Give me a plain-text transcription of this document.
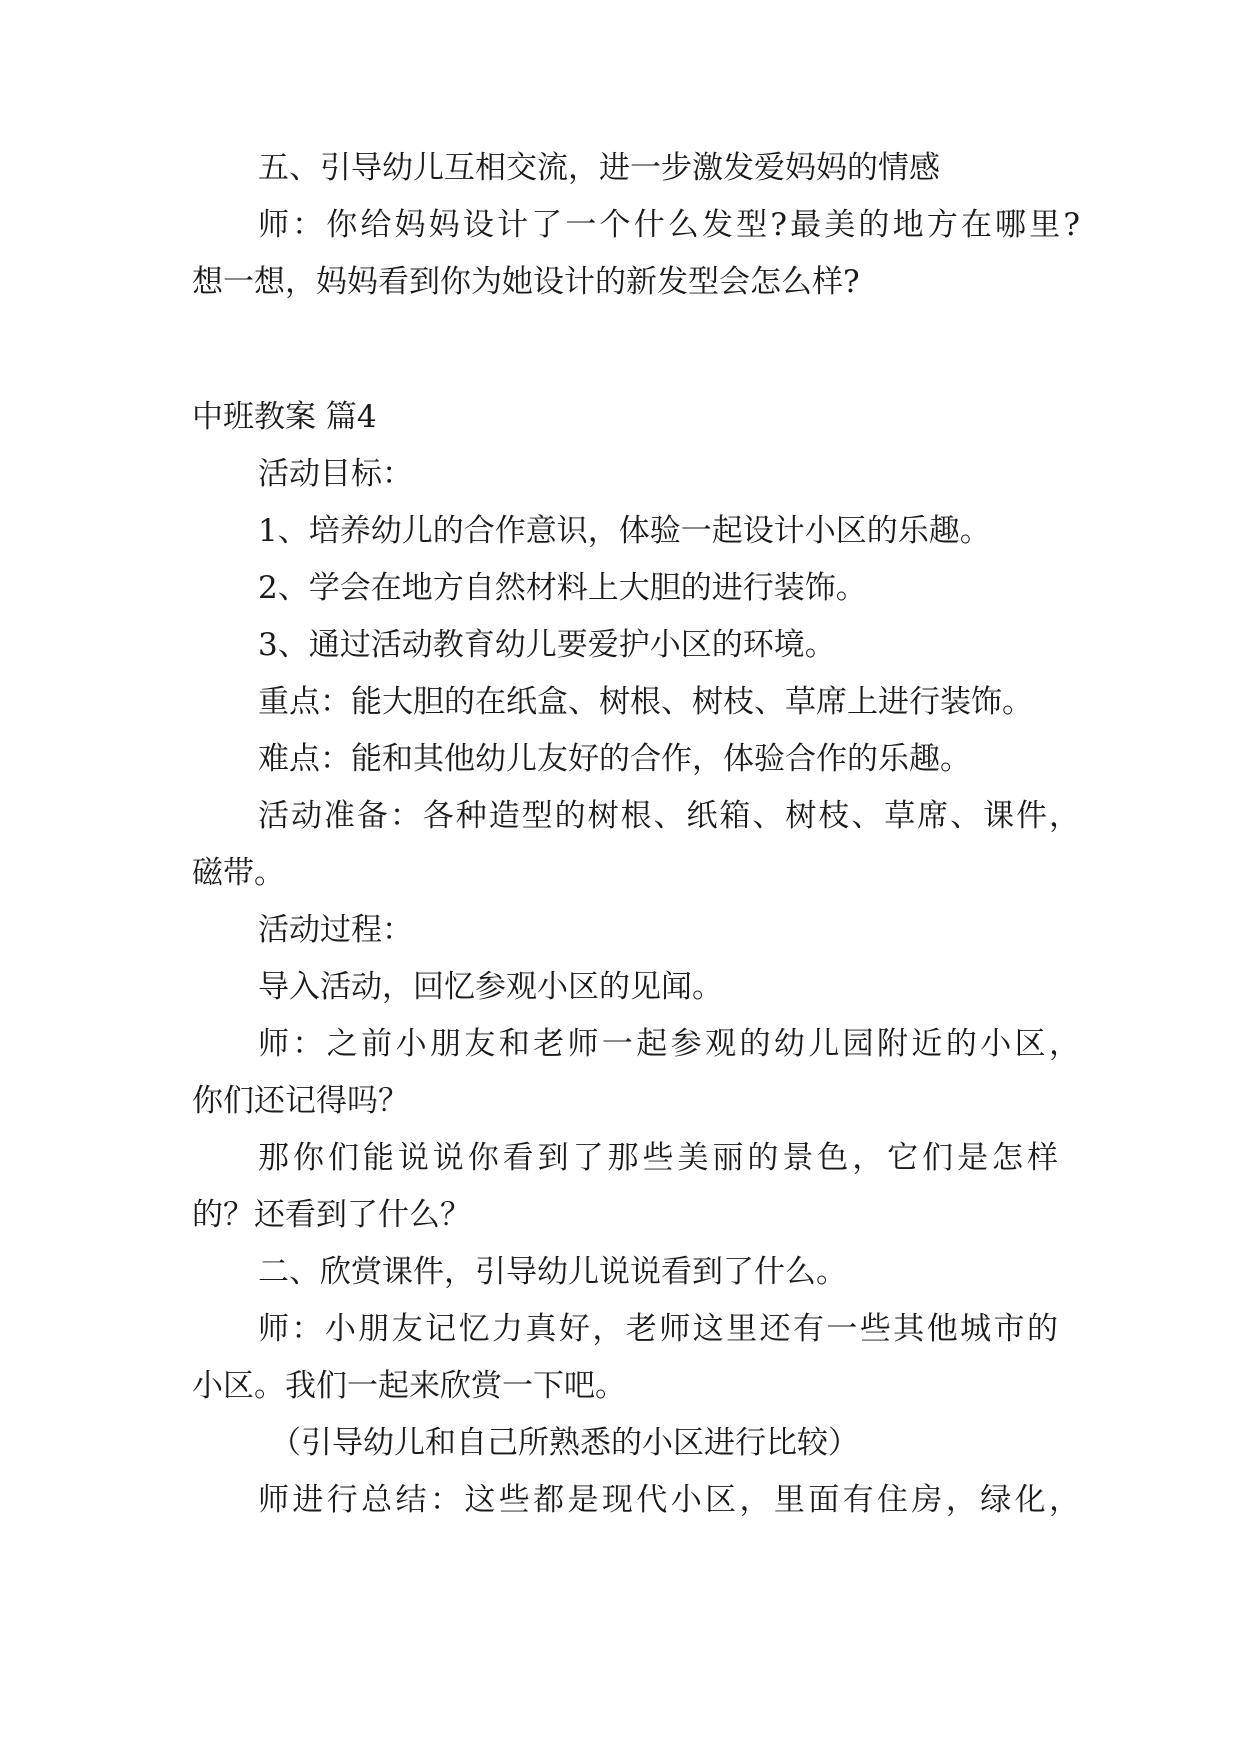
五、引导幼儿互相交流，进一步激发爱妈妈的情感
师：你给妈妈设计了一个什么发型?最美的地方在哪里?
想一想，妈妈看到你为她设计的新发型会怎么样?
中班教案 篇4
活动目标：
1、培养幼儿的合作意识，体验一起设计小区的乐趣。
2、学会在地方自然材料上大胆的进行装饰。
3、通过活动教育幼儿要爱护小区的环境。
重点：能大胆的在纸盒、树根、树枝、草席上进行装饰。
难点：能和其他幼儿友好的合作，体验合作的乐趣。
活动准备：各种造型的树根、纸箱、树枝、草席、课件，
磁带。
活动过程：
导入活动，回忆参观小区的见闻。
师：之前小朋友和老师一起参观的幼儿园附近的小区，
你们还记得吗？
那你们能说说你看到了那些美丽的景色，它们是怎样
的？还看到了什么？
二、欣赏课件，引导幼儿说说看到了什么。
师：小朋友记忆力真好，老师这里还有一些其他城市的
小区。我们一起来欣赏一下吧。
（引导幼儿和自己所熟悉的小区进行比较）
师进行总结：这些都是现代小区，里面有住房，绿化，
